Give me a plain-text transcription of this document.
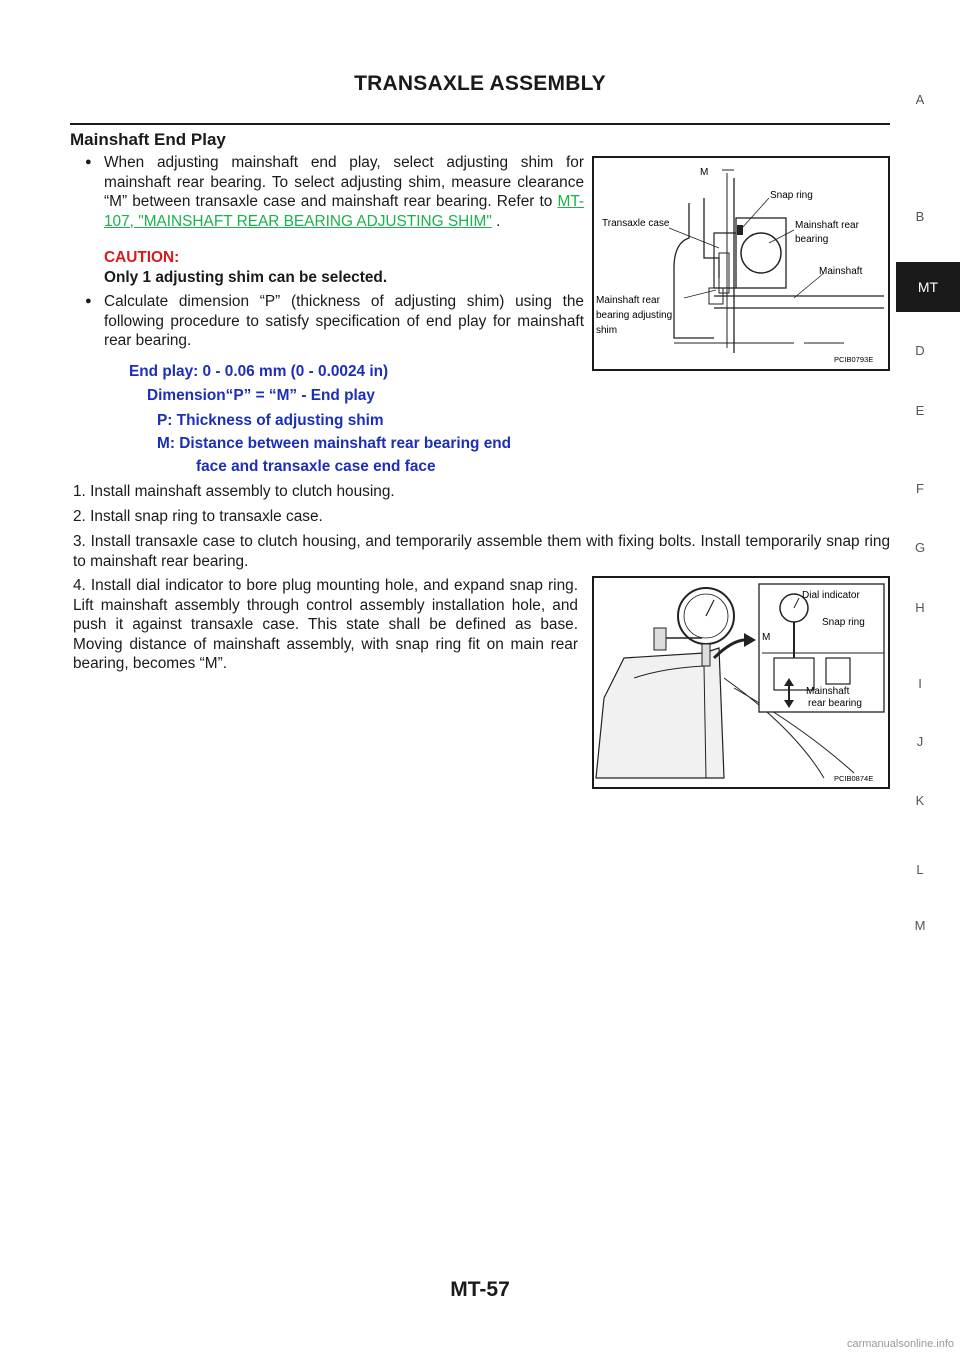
TRANSAXLE ASSEMBLY
Mainshaft End Play
● When adjusting mainshaft end play, select adjusting shim for mainshaft rear bearing. To select adjusting shim, measure clearance “M” between transaxle case and mainshaft rear bearing. Refer to MT-107, "MAINSHAFT REAR BEARING ADJUSTING SHIM" .
CAUTION:
Only 1 adjusting shim can be selected.
● Calculate dimension “P” (thickness of adjusting shim) using the following procedure to satisfy specification of end play for mainshaft rear bearing.
End play: 0 - 0.06 mm (0 - 0.0024 in)
Dimension“P” = “M” - End play
P: Thickness of adjusting shim
M: Distance between mainshaft rear bearing end
face and transaxle case end face
1. Install mainshaft assembly to clutch housing.
2. Install snap ring to transaxle case.
3. Install transaxle case to clutch housing, and temporarily assemble them with fixing bolts. Install temporarily snap ring to mainshaft rear bearing.
4. Install dial indicator to bore plug mounting hole, and expand snap ring. Lift mainshaft assembly through control assembly installation hole, and push it against transaxle case. This state shall be defined as base. Moving distance of mainshaft assembly, with snap ring fit on main rear bearing, becomes “M”.
M
Snap ring
Transaxle case	Mainshaft rear
bearing
Mainshaft
Mainshaft rear
bearing adjusting
shim
PCIB0793E
Dial indicator
Snap ring
M
Mainshaft
rear bearing
PCIB0874E
A
B
MT
D
E
F
G
H
I
J
K
L
M
MT-57
carmanualsonline.info
